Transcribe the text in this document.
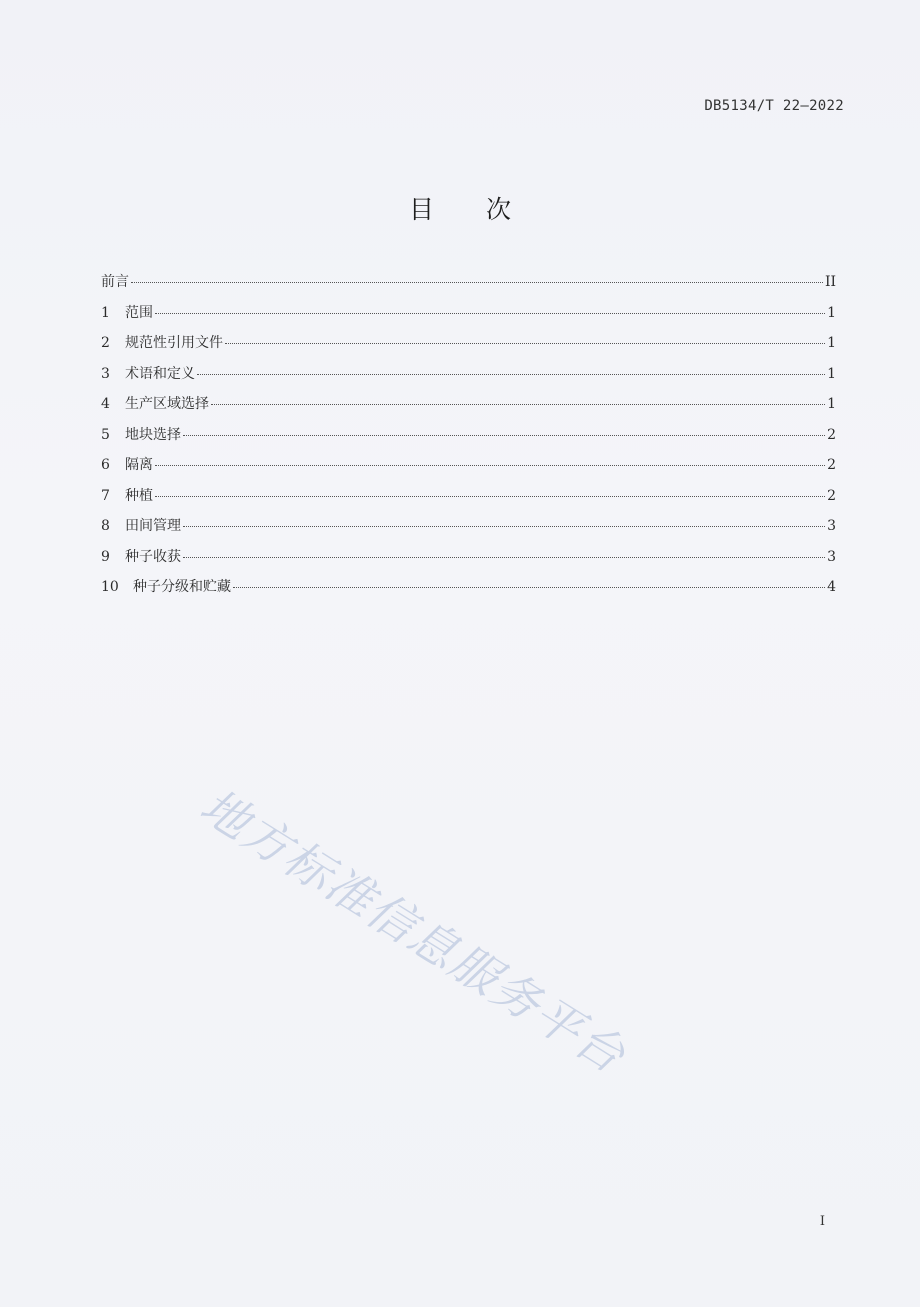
DB5134/T 22—2022
目 次
前言	II
1	范围	1
2	规范性引用文件	1
3	术语和定义	1
4	生产区域选择	1
5	地块选择	2
6	隔离	2
7	种植	2
8	田间管理	3
9	种子收获	3
10	种子分级和贮藏	4
地方标准信息服务平台
I
